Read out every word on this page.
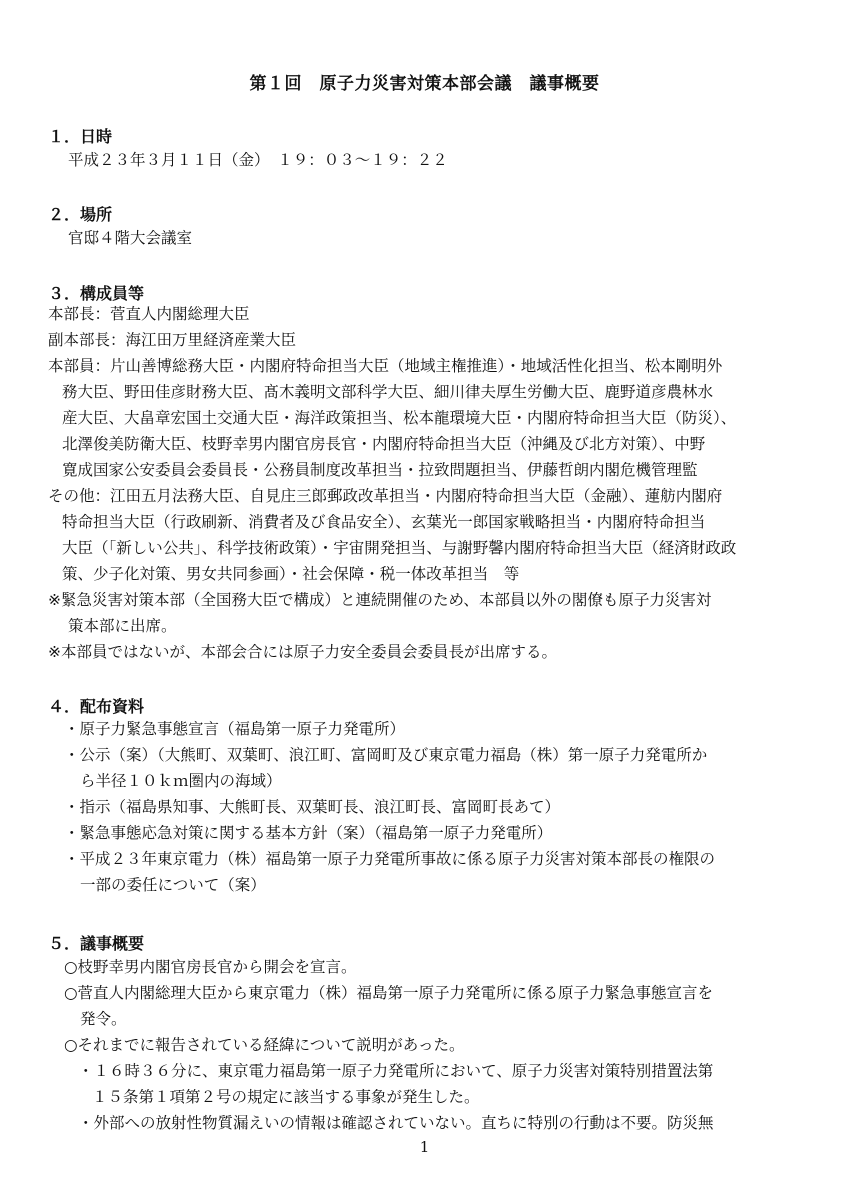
第１回　原子力災害対策本部会議　議事概要
１．日時
平成２３年３月１１日（金）　１９：０３～１９：２２
２．場所
官邸４階大会議室
３．構成員等
本部長：菅直人内閣総理大臣
副本部長：海江田万里経済産業大臣
本部員：片山善博総務大臣・内閣府特命担当大臣（地域主権推進）・地域活性化担当、松本剛明外
務大臣、野田佳彦財務大臣、髙木義明文部科学大臣、細川律夫厚生労働大臣、鹿野道彦農林水
産大臣、大畠章宏国土交通大臣・海洋政策担当、松本龍環境大臣・内閣府特命担当大臣（防災）、
北澤俊美防衛大臣、枝野幸男内閣官房長官・内閣府特命担当大臣（沖縄及び北方対策）、中野
寛成国家公安委員会委員長・公務員制度改革担当・拉致問題担当、伊藤哲朗内閣危機管理監
その他：江田五月法務大臣、自見庄三郎郵政改革担当・内閣府特命担当大臣（金融）、蓮舫内閣府
特命担当大臣（行政刷新、消費者及び食品安全）、玄葉光一郎国家戦略担当・内閣府特命担当
大臣（「新しい公共」、科学技術政策）・宇宙開発担当、与謝野馨内閣府特命担当大臣（経済財政政
策、少子化対策、男女共同参画）・社会保障・税一体改革担当　等
※緊急災害対策本部（全国務大臣で構成）と連続開催のため、本部員以外の閣僚も原子力災害対
策本部に出席。
※本部員ではないが、本部会合には原子力安全委員会委員長が出席する。
４．配布資料
・原子力緊急事態宣言（福島第一原子力発電所）
・公示（案）（大熊町、双葉町、浪江町、富岡町及び東京電力福島（株）第一原子力発電所か
ら半径１０ｋｍ圏内の海域）
・指示（福島県知事、大熊町長、双葉町長、浪江町長、富岡町長あて）
・緊急事態応急対策に関する基本方針（案）（福島第一原子力発電所）
・平成２３年東京電力（株）福島第一原子力発電所事故に係る原子力災害対策本部長の権限の
一部の委任について（案）
５．議事概要
○枝野幸男内閣官房長官から開会を宣言。
○菅直人内閣総理大臣から東京電力（株）福島第一原子力発電所に係る原子力緊急事態宣言を
発令。
○それまでに報告されている経緯について説明があった。
・１６時３６分に、東京電力福島第一原子力発電所において、原子力災害対策特別措置法第
１５条第１項第２号の規定に該当する事象が発生した。
・外部への放射性物質漏えいの情報は確認されていない。直ちに特別の行動は不要。防災無
1
